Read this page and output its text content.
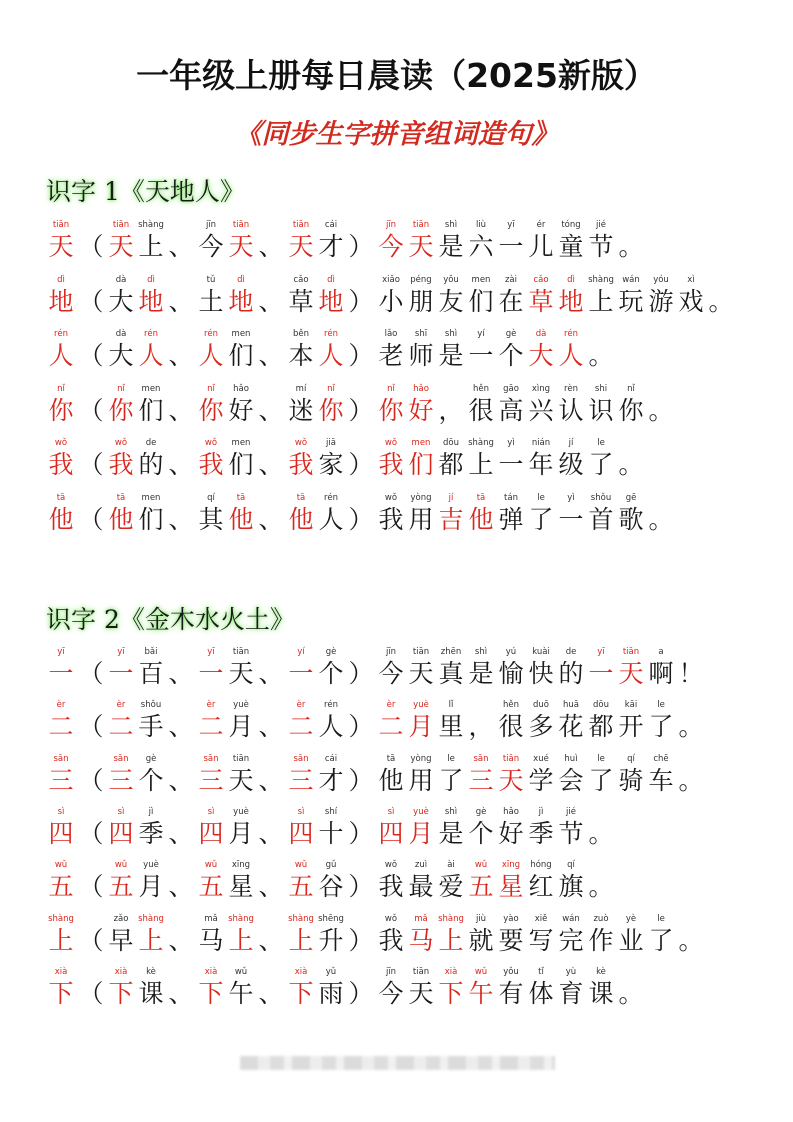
一年级上册每日晨读（2025新版）
《同步生字拼音组词造句》
识字 1《天地人》
tiān
天 （
tiān
天
shàng
上 、
jīn
今
tiān
天 、
tiān
天
cái
才 ）
jīn
今
tiān
天
shì
是
liù
六
yī
一
ér
儿
tóng
童
jié
节 。
dì
地 （
dà
大
dì
地 、
tǔ
土
dì
地 、
cǎo
草
dì
地 ）
xiǎo
小
péng
朋
yǒu
友
men
们
zài
在
cǎo
草
dì
地
shàng
上
wán
玩
yóu
游
xì
戏 。
rén
人 （
dà
大
rén
人 、
rén
人
men
们 、
běn
本
rén
人 ）
lǎo
老
shī
师
shì
是
yí
一
gè
个
dà
大
rén
人 。
nǐ
你 （
nǐ
你
men
们 、
nǐ
你
hǎo
好 、
mí
迷
nǐ
你 ）
nǐ
你
hǎo
好 ，
hěn
很
gāo
高
xìng
兴
rèn
认
shi
识
nǐ
你 。
wǒ
我 （
wǒ
我
de
的 、
wǒ
我
men
们 、
wǒ
我
jiā
家 ）
wǒ
我
men
们
dōu
都
shàng
上
yì
一
nián
年
jí
级
le
了 。
tā
他 （
tā
他
men
们 、
qí
其
tā
他 、
tā
他
rén
人 ）
wǒ
我
yòng
用
jí
吉
tā
他
tán
弹
le
了
yì
一
shǒu
首
gē
歌 。
识字 2《金木水火土》
yī
一 （
yī
一
bǎi
百 、
yī
一
tiān
天 、
yí
一
gè
个 ）
jīn
今
tiān
天
zhēn
真
shì
是
yú
愉
kuài
快
de
的
yī
一
tiān
天
a
啊 ！
èr
二 （
èr
二
shǒu
手 、
èr
二
yuè
月 、
èr
二
rén
人 ）
èr
二
yuè
月
lǐ
里 ，
hěn
很
duō
多
huā
花
dōu
都
kāi
开
le
了 。
sān
三 （
sān
三
gè
个 、
sān
三
tiān
天 、
sān
三
cái
才 ）
tā
他
yòng
用
le
了
sān
三
tiān
天
xué
学
huì
会
le
了
qí
骑
chē
车 。
sì
四 （
sì
四
jì
季 、
sì
四
yuè
月 、
sì
四
shí
十 ）
sì
四
yuè
月
shì
是
gè
个
hǎo
好
jì
季
jié
节 。
wǔ
五 （
wǔ
五
yuè
月 、
wǔ
五
xīng
星 、
wǔ
五
gǔ
谷 ）
wǒ
我
zuì
最
ài
爱
wǔ
五
xīng
星
hóng
红
qí
旗 。
shàng
上 （
zǎo
早
shàng
上 、
mǎ
马
shàng
上 、
shàng
上
shēng
升 ）
wǒ
我
mǎ
马
shàng
上
jiù
就
yào
要
xiě
写
wán
完
zuò
作
yè
业
le
了 。
xià
下 （
xià
下
kè
课 、
xià
下
wǔ
午 、
xià
下
yǔ
雨 ）
jīn
今
tiān
天
xià
下
wǔ
午
yǒu
有
tǐ
体
yù
育
kè
课 。
